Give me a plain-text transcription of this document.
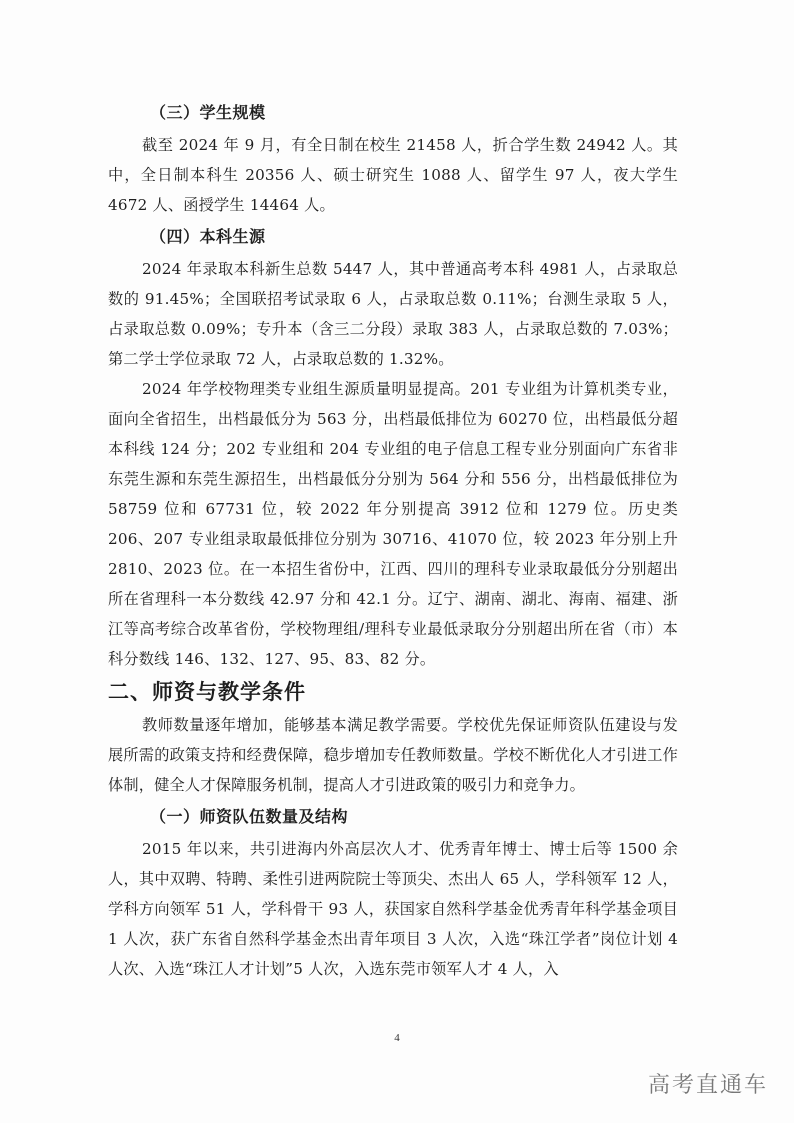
（三）学生规模

截至 2024 年 9 月，有全日制在校生 21458 人，折合学生数 24942 人。其中，全日制本科生 20356 人、硕士研究生 1088 人、留学生 97 人，夜大学生 4672 人、函授学生 14464 人。

（四）本科生源

2024 年录取本科新生总数 5447 人，其中普通高考本科 4981 人，占录取总数的 91.45%；全国联招考试录取 6 人，占录取总数 0.11%；台测生录取 5 人，占录取总数 0.09%；专升本（含三二分段）录取 383 人，占录取总数的 7.03%；第二学士学位录取 72 人，占录取总数的 1.32%。

2024 年学校物理类专业组生源质量明显提高。201 专业组为计算机类专业，面向全省招生，出档最低分为 563 分，出档最低排位为 60270 位，出档最低分超本科线 124 分；202 专业组和 204 专业组的电子信息工程专业分别面向广东省非东莞生源和东莞生源招生，出档最低分分别为 564 分和 556 分，出档最低排位为 58759 位和 67731 位，较 2022 年分别提高 3912 位和 1279 位。历史类 206、207 专业组录取最低排位分别为 30716、41070 位，较 2023 年分别上升 2810、2023 位。在一本招生省份中，江西、四川的理科专业录取最低分分别超出所在省理科一本分数线 42.97 分和 42.1 分。辽宁、湖南、湖北、海南、福建、浙江等高考综合改革省份，学校物理组/理科专业最低录取分分别超出所在省（市）本科分数线 146、132、127、95、83、82 分。

二、师资与教学条件

教师数量逐年增加，能够基本满足教学需要。学校优先保证师资队伍建设与发展所需的政策支持和经费保障，稳步增加专任教师数量。学校不断优化人才引进工作体制，健全人才保障服务机制，提高人才引进政策的吸引力和竞争力。

（一）师资队伍数量及结构

2015 年以来，共引进海内外高层次人才、优秀青年博士、博士后等 1500 余人，其中双聘、特聘、柔性引进两院院士等顶尖、杰出人 65 人，学科领军 12 人，学科方向领军 51 人，学科骨干 93 人，获国家自然科学基金优秀青年科学基金项目 1 人次，获广东省自然科学基金杰出青年项目 3 人次，入选“珠江学者”岗位计划 4 人次、入选“珠江人才计划”5 人次，入选东莞市领军人才 4 人，入

4
高考直通车
